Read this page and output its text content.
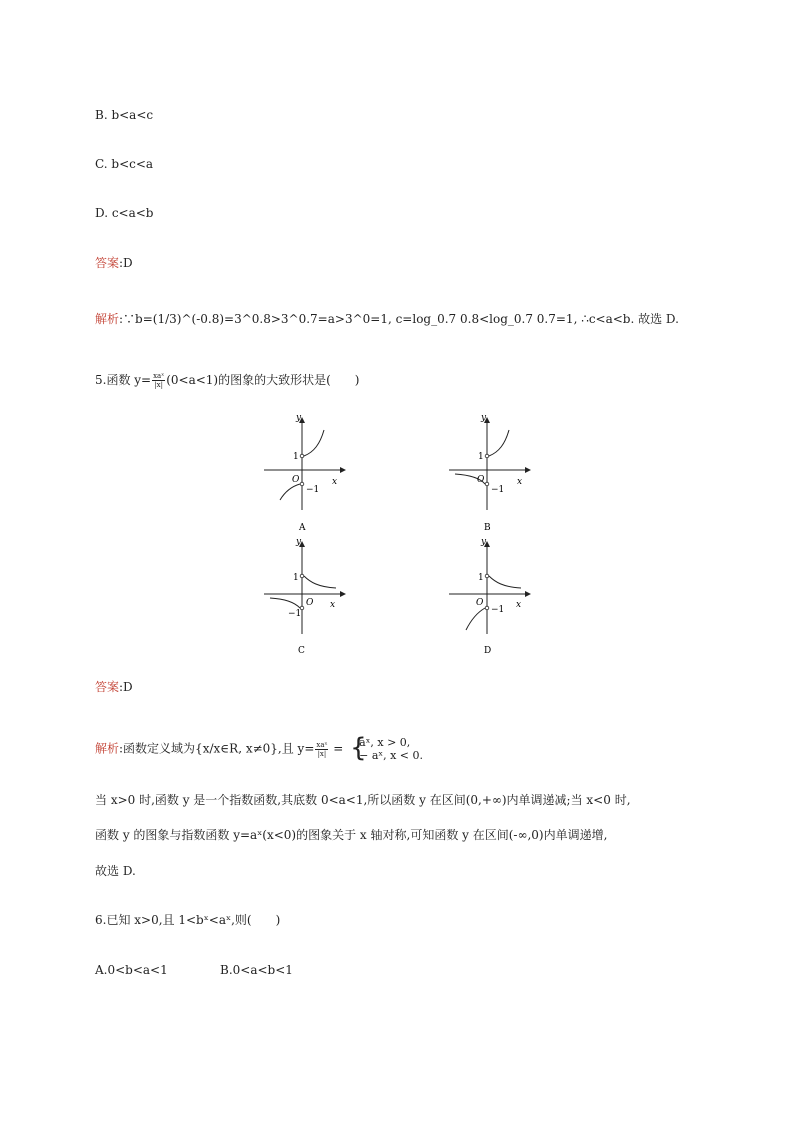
B. b<a<c
C. b<c<a
D. c<a<b
答案:D
解析:∵b=(1/3)^(-0.8)=3^0.8>3^0.7=a>3^0=1, c=log_0.7 0.8<log_0.7 0.7=1, ∴c<a<b. 故选 D.
5.函数 $y= \frac{\text{xaˣ}}{|x|} (0<a<1)$的图象的大致形状是(　　)
y
x
1
O
−1
A
y
x
1
O
−1
B
y
x
1
O
−1
C
y
x
1
O
−1
D
答案:D
解析:函数定义域为{x/x∈R, x≠0},且 $y= \frac{\text{xaˣ}}{|x|}$ = {
aˣ, x > 0,
− aˣ, x < 0.
当 x>0 时,函数 y 是一个指数函数,其底数 0<a<1,所以函数 y 在区间(0,+∞)内单调递减;当 x<0 时,
函数 y 的图象与指数函数 y=aˣ(x<0)的图象关于 x 轴对称,可知函数 y 在区间(-∞,0)内单调递增,
故选 D.
6.已知 x>0,且 1<bˣ<aˣ,则(　　)
A.0<b<a<1	B.0<a<b<1
